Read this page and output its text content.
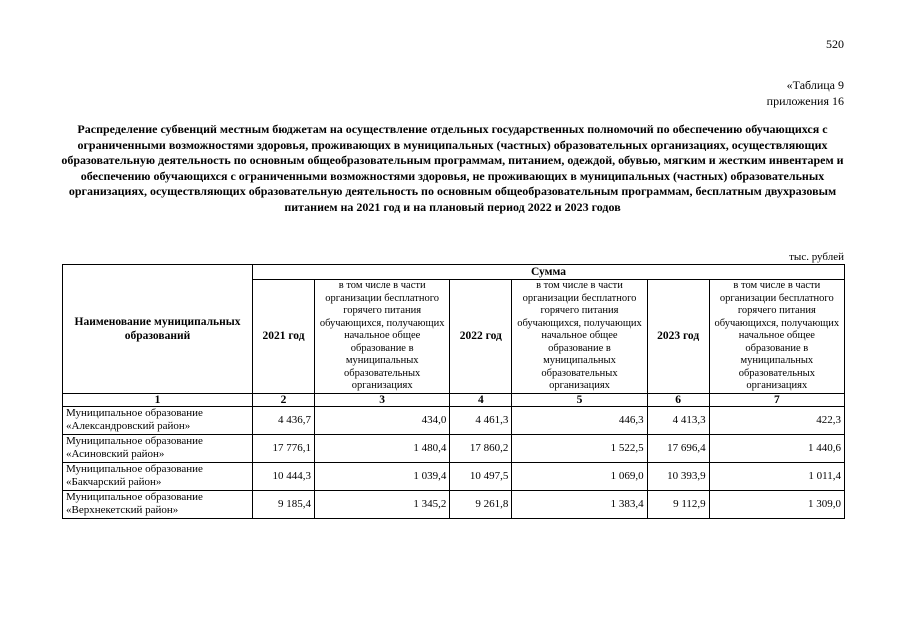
520
«Таблица 9
приложения 16
Распределение субвенций местным бюджетам на осуществление отдельных государственных полномочий по обеспечению обучающихся с ограниченными возможностями здоровья, проживающих в муниципальных (частных) образовательных организациях, осуществляющих образовательную деятельность по основным общеобразовательным программам, питанием, одеждой, обувью, мягким и жестким инвентарем и обеспечению обучающихся с ограниченными возможностями здоровья, не проживающих в муниципальных (частных) образовательных организациях, осуществляющих образовательную деятельность по основным общеобразовательным программам, бесплатным двухразовым питанием на 2021 год и на плановый период 2022 и 2023 годов
тыс. рублей
Наименование муниципальных образований	Сумма					
	2021 год	в том числе в части организации бесплатного горячего питания обучающихся, получающих начальное общее образование в муниципальных образовательных организациях	2022 год	в том числе в части организации бесплатного горячего питания обучающихся, получающих начальное общее образование в муниципальных образовательных организациях	2023 год	в том числе в части организации бесплатного горячего питания обучающихся, получающих начальное общее образование в муниципальных образовательных организациях
1	2	3	4	5	6	7

Муниципальное образование
«Александровский район»	4 436,7	434,0	4 461,3	446,3	4 413,3	422,3

Муниципальное образование
«Асиновский район»	17 776,1	1 480,4	17 860,2	1 522,5	17 696,4	1 440,6

Муниципальное образование
«Бакчарский район»	10 444,3	1 039,4	10 497,5	1 069,0	10 393,9	1 011,4

Муниципальное образование
«Верхнекетский район»	9 185,4	1 345,2	9 261,8	1 383,4	9 112,9	1 309,0
